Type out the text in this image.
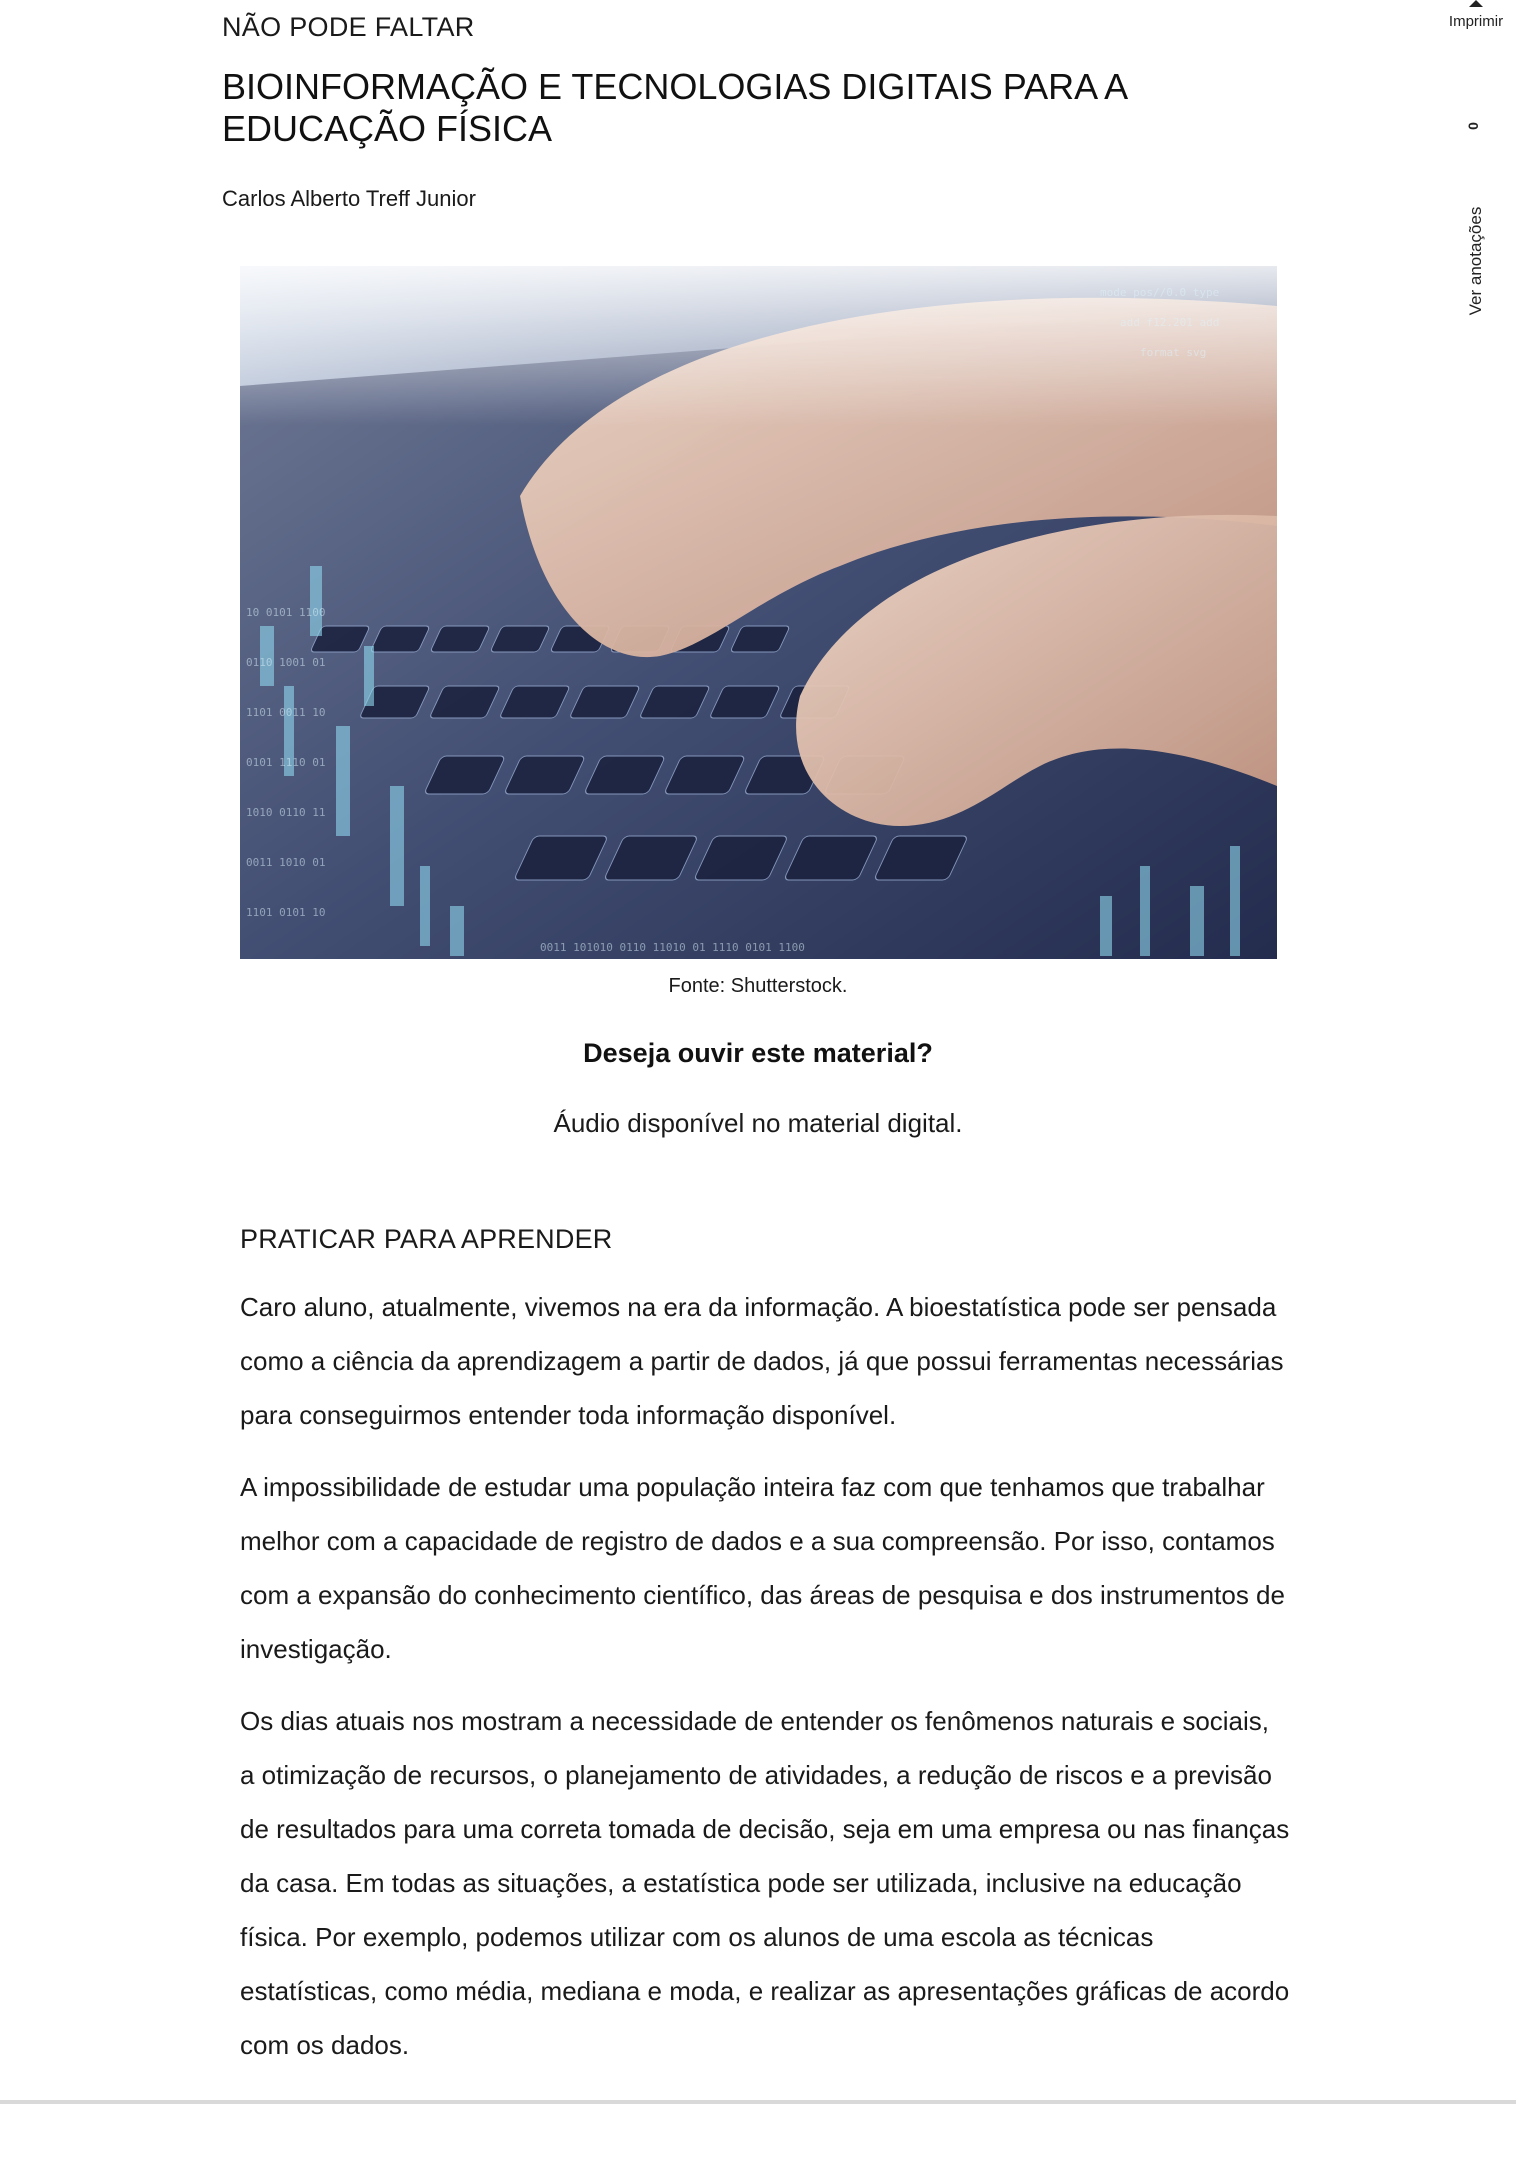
NÃO PODE FALTAR
BIOINFORMAÇÃO E TECNOLOGIAS DIGITAIS PARA A EDUCAÇÃO FÍSICA

Carlos Alberto Treff Junior

10 0101 1100
0110 1001 01
1101 0011 10
0101 1110 01
1010 0110 11
0011 1010 01
1101 0101 10
0011 101010 0110 11010 01 1110 0101 1100
mode pos//0.0 type
add f12.201 add
format svg

Fonte: Shutterstock.

Deseja ouvir este material?

Áudio disponível no material digital.

PRATICAR PARA APRENDER

Caro aluno, atualmente, vivemos na era da informação. A bioestatística pode ser pensada como a ciência da aprendizagem a partir de dados, já que possui ferramentas necessárias para conseguirmos entender toda informação disponível.

A impossibilidade de estudar uma população inteira faz com que tenhamos que trabalhar melhor com a capacidade de registro de dados e a sua compreensão. Por isso, contamos com a expansão do conhecimento científico, das áreas de pesquisa e dos instrumentos de investigação.

Os dias atuais nos mostram a necessidade de entender os fenômenos naturais e sociais, a otimização de recursos, o planejamento de atividades, a redução de riscos e a previsão de resultados para uma correta tomada de decisão, seja em uma empresa ou nas finanças da casa. Em todas as situações, a estatística pode ser utilizada, inclusive na educação física. Por exemplo, podemos utilizar com os alunos de uma escola as técnicas estatísticas, como média, mediana e moda, e realizar as apresentações gráficas de acordo com os dados.

Imprimir
0
Ver anotações
